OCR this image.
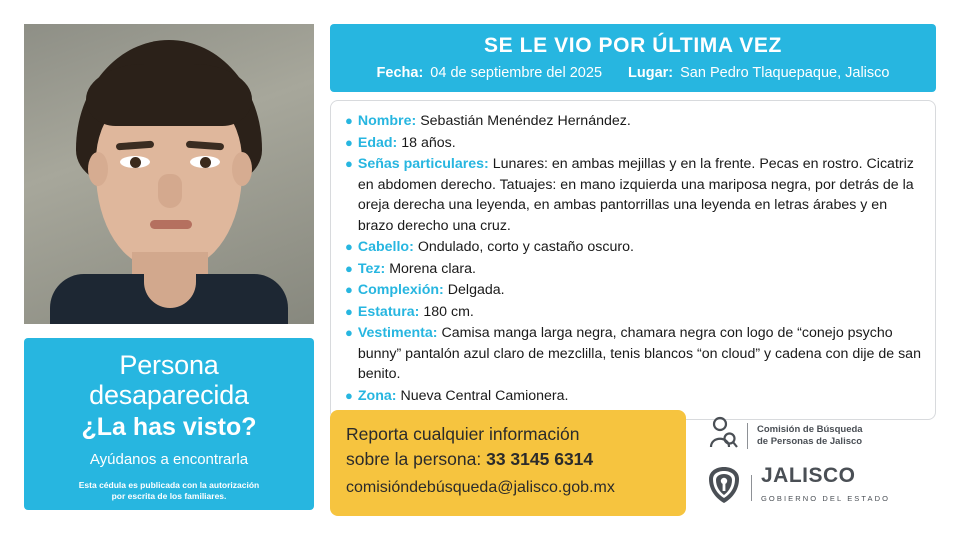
Persona
desaparecida
¿La has visto?
Ayúdanos a encontrarla
Esta cédula es publicada con la autorización
por escrita de los familiares.
SE LE VIO POR ÚLTIMA VEZ
Fecha: 04 de septiembre del 2025 Lugar: San Pedro Tlaquepaque, Jalisco
● Nombre: Sebastián Menéndez Hernández.
● Edad: 18 años.
● Señas particulares: Lunares: en ambas mejillas y en la frente. Pecas en rostro. Cicatriz en abdomen derecho. Tatuajes: en mano izquierda una mariposa negra, por detrás de la oreja derecha una leyenda, en ambas pantorrillas una leyenda en letras árabes y en brazo derecho una cruz.
● Cabello: Ondulado, corto y castaño oscuro.
● Tez: Morena clara.
● Complexión: Delgada.
● Estatura: 180 cm.
● Vestimenta: Camisa manga larga negra, chamara negra con logo de “conejo psycho bunny” pantalón azul claro de mezclilla, tenis blancos “on cloud” y cadena con dije de san benito.
● Zona: Nueva Central Camionera.
Reporta cualquier información
sobre la persona: 33 3145 6314
comisióndebúsqueda@jalisco.gob.mx
Comisión de Búsqueda
de Personas de Jalisco
JALISCO
GOBIERNO DEL ESTADO
